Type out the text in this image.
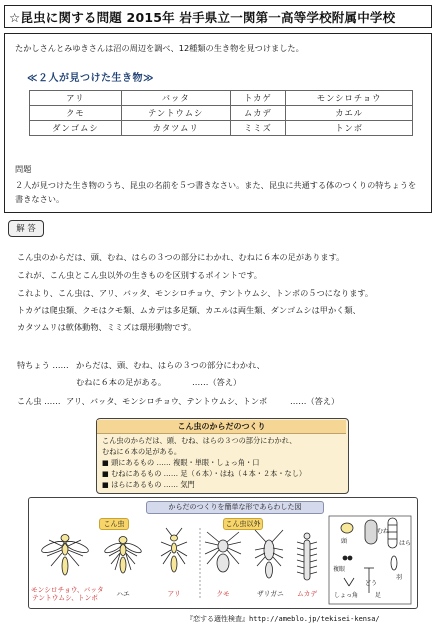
☆昆虫に関する問題 2015年 岩手県立一関第一高等学校附属中学校
たかしさんとみゆきさんは沼の周辺を調べ、12種類の生き物を見つけました。
≪２人が見つけた生き物≫
アリ	バッタ	トカゲ	モンシロチョウ
クモ	テントウムシ	ムカデ	カエル
ダンゴムシ	カタツムリ	ミミズ	トンボ
問題
２人が見つけた生き物のうち、昆虫の名前を５つ書きなさい。また、昆虫に共通する体のつくりの特ちょうを書きなさい。
解 答
こん虫のからだは、頭、むね、はらの３つの部分にわかれ、むねに６本の足があります。
これが、こん虫とこん虫以外の生きものを区別するポイントです。
これより、こん虫は、アリ、バッタ、モンシロチョウ、テントウムシ、トンボの５つになります。
トカゲは爬虫類、クモはクモ類、ムカデは多足類、カエルは両生類、ダンゴムシは甲かく類、
カタツムリは軟体動物、ミミズは環形動物です。
特ちょう …… からだは、頭、むね、はらの３つの部分にわかれ、
むねに６本の足がある。	……（答え）
こん虫 …… アリ、バッタ、モンシロチョウ、テントウムシ、トンボ	……（答え）
こん虫のからだのつくり
こん虫のからだは、頭、むね、はらの３つの部分にわかれ、
むねに６本の足がある。
■ 頭にあるもの …… 複眼・単眼・しょっ角・口
■ むねにあるもの …… 足（６本）・はね（４本・２本・なし）
■ はらにあるもの …… 気門
からだのつくりを簡単な形であらわした図
こん虫	こん虫以外
モンシロチョウ、バッタ
テントウムシ、トンボ	ハエ	アリ	クモ	ザリガニ	ムカデ
頭
むね
はら
複眼
しょっ角
どう
足
羽
『恋する適性検査』http://ameblo.jp/tekisei-kensa/
